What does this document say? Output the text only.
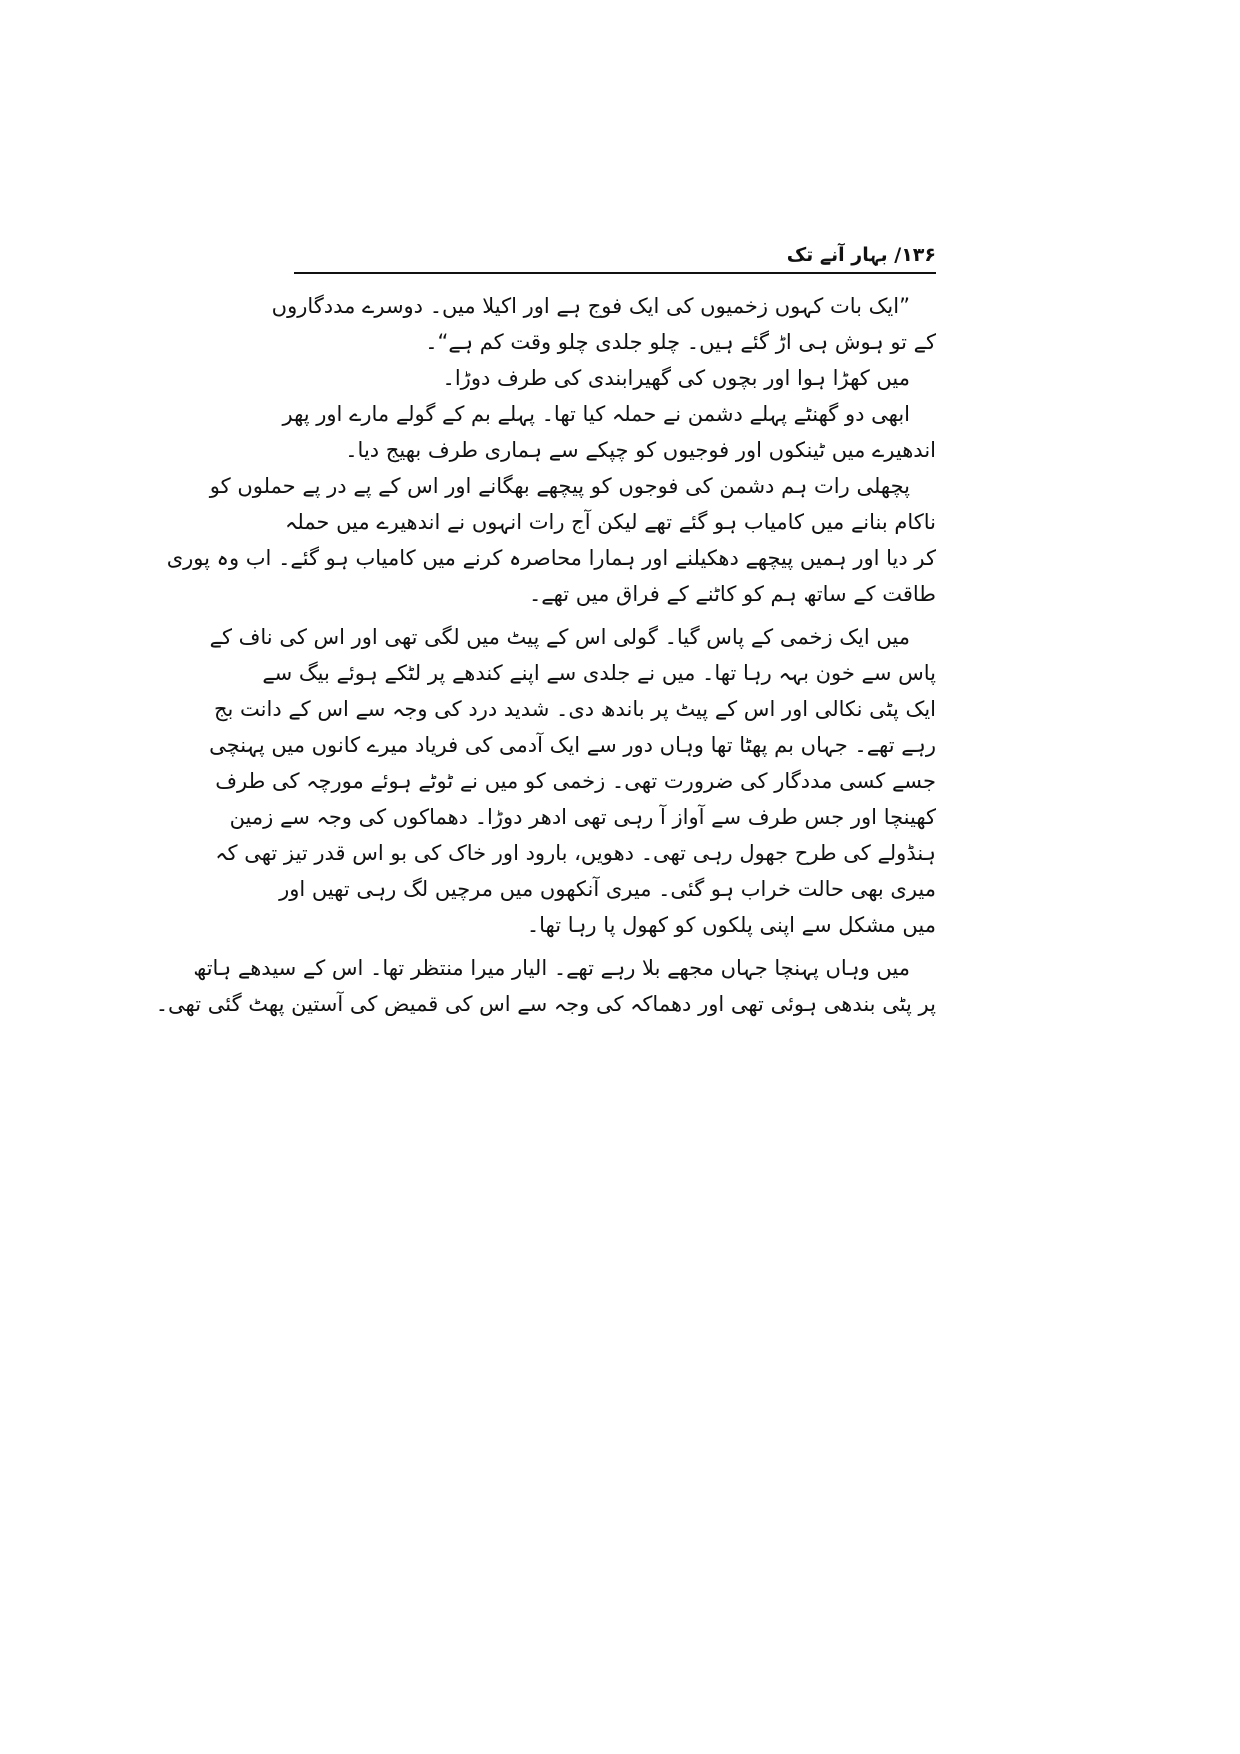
۱۳۶/ بہار آنے تک
”ایک بات کہوں زخمیوں کی ایک فوج ہے اور اکیلا میں۔ دوسرے مددگاروں
کے تو ہوش ہی اڑ گئے ہیں۔ چلو جلدی چلو وقت کم ہے“۔
میں کھڑا ہوا اور بچوں کی گھیرابندی کی طرف دوڑا۔
ابھی دو گھنٹے پہلے دشمن نے حملہ کیا تھا۔ پہلے بم کے گولے مارے اور پھر
اندھیرے میں ٹینکوں اور فوجیوں کو چپکے سے ہماری طرف بھیج دیا۔
پچھلی رات ہم دشمن کی فوجوں کو پیچھے بھگانے اور اس کے پے در پے حملوں کو
ناکام بنانے میں کامیاب ہو گئے تھے لیکن آج رات انہوں نے اندھیرے میں حملہ
کر دیا اور ہمیں پیچھے دھکیلنے اور ہمارا محاصرہ کرنے میں کامیاب ہو گئے۔ اب وہ پوری
طاقت کے ساتھ ہم کو کاٹنے کے فراق میں تھے۔
میں ایک زخمی کے پاس گیا۔ گولی اس کے پیٹ میں لگی تھی اور اس کی ناف کے
پاس سے خون بہہ رہا تھا۔ میں نے جلدی سے اپنے کندھے پر لٹکے ہوئے بیگ سے
ایک پٹی نکالی اور اس کے پیٹ پر باندھ دی۔ شدید درد کی وجہ سے اس کے دانت بج
رہے تھے۔ جہاں بم پھٹا تھا وہاں دور سے ایک آدمی کی فریاد میرے کانوں میں پہنچی
جسے کسی مددگار کی ضرورت تھی۔ زخمی کو میں نے ٹوٹے ہوئے مورچہ کی طرف
کھینچا اور جس طرف سے آواز آ رہی تھی ادھر دوڑا۔ دھماکوں کی وجہ سے زمین
ہنڈولے کی طرح جھول رہی تھی۔ دھویں، بارود اور خاک کی بو اس قدر تیز تھی کہ
میری بھی حالت خراب ہو گئی۔ میری آنکھوں میں مرچیں لگ رہی تھیں اور
میں مشکل سے اپنی پلکوں کو کھول پا رہا تھا۔
میں وہاں پہنچا جہاں مجھے بلا رہے تھے۔ الیار میرا منتظر تھا۔ اس کے سیدھے ہاتھ
پر پٹی بندھی ہوئی تھی اور دھماکہ کی وجہ سے اس کی قمیض کی آستین پھٹ گئی تھی۔
